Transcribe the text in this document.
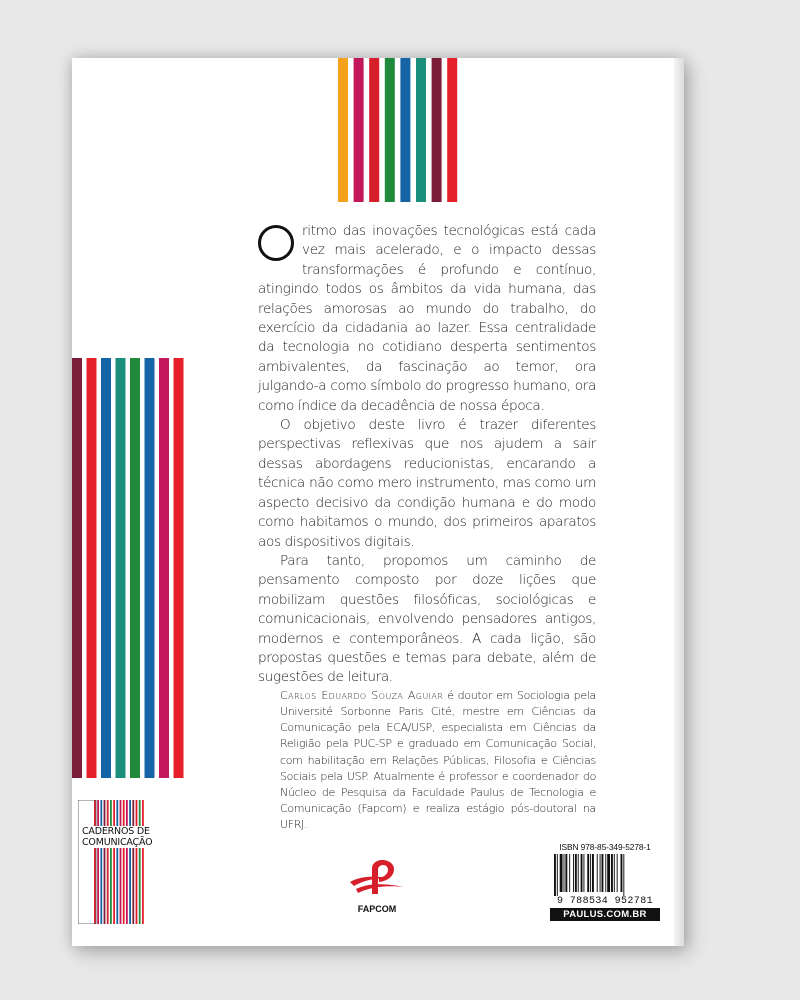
ritmo das inovações tecnológicas está cada vez mais acelerado, e o impacto dessas transformações é profundo e contínuo, atingindo todos os âmbitos da vida humana, das relações amorosas ao mundo do trabalho, do exercício da cidadania ao lazer. Essa centralidade da tecnologia no cotidiano desperta sentimentos ambivalentes, da fascinação ao temor, ora julgando-a como símbolo do progresso humano, ora como índice da decadência de nossa época.

O objetivo deste livro é trazer diferentes perspectivas reflexivas que nos ajudem a sair dessas abordagens reducionistas, encarando a técnica não como mero instrumento, mas como um aspecto decisivo da condição humana e do modo como habitamos o mundo, dos primeiros aparatos aos dispositivos digitais.

Para tanto, propomos um caminho de pensamento composto por doze lições que mobilizam questões filosóficas, sociológicas e comunicacionais, envolvendo pensadores antigos, modernos e contemporâneos. A cada lição, são propostas questões e temas para debate, além de sugestões de leitura.

Carlos Eduardo Souza Aguiar é doutor em Sociologia pela Université Sorbonne Paris Cité, mestre em Ciências da Comunicação pela ECA/USP, especialista em Ciências da Religião pela PUC-SP e graduado em Comunicação Social, com habilitação em Relações Públicas, Filosofia e Ciências Sociais pela USP. Atualmente é professor e coordenador do Núcleo de Pesquisa da Faculdade Paulus de Tecnologia e Comunicação (Fapcom) e realiza estágio pós-doutoral na UFRJ.

CADERNOS DE
COMUNICAÇÃO
FAPCOM
ISBN 978-85-349-5278-1
9 788534 952781
PAULUS.COM.BR
